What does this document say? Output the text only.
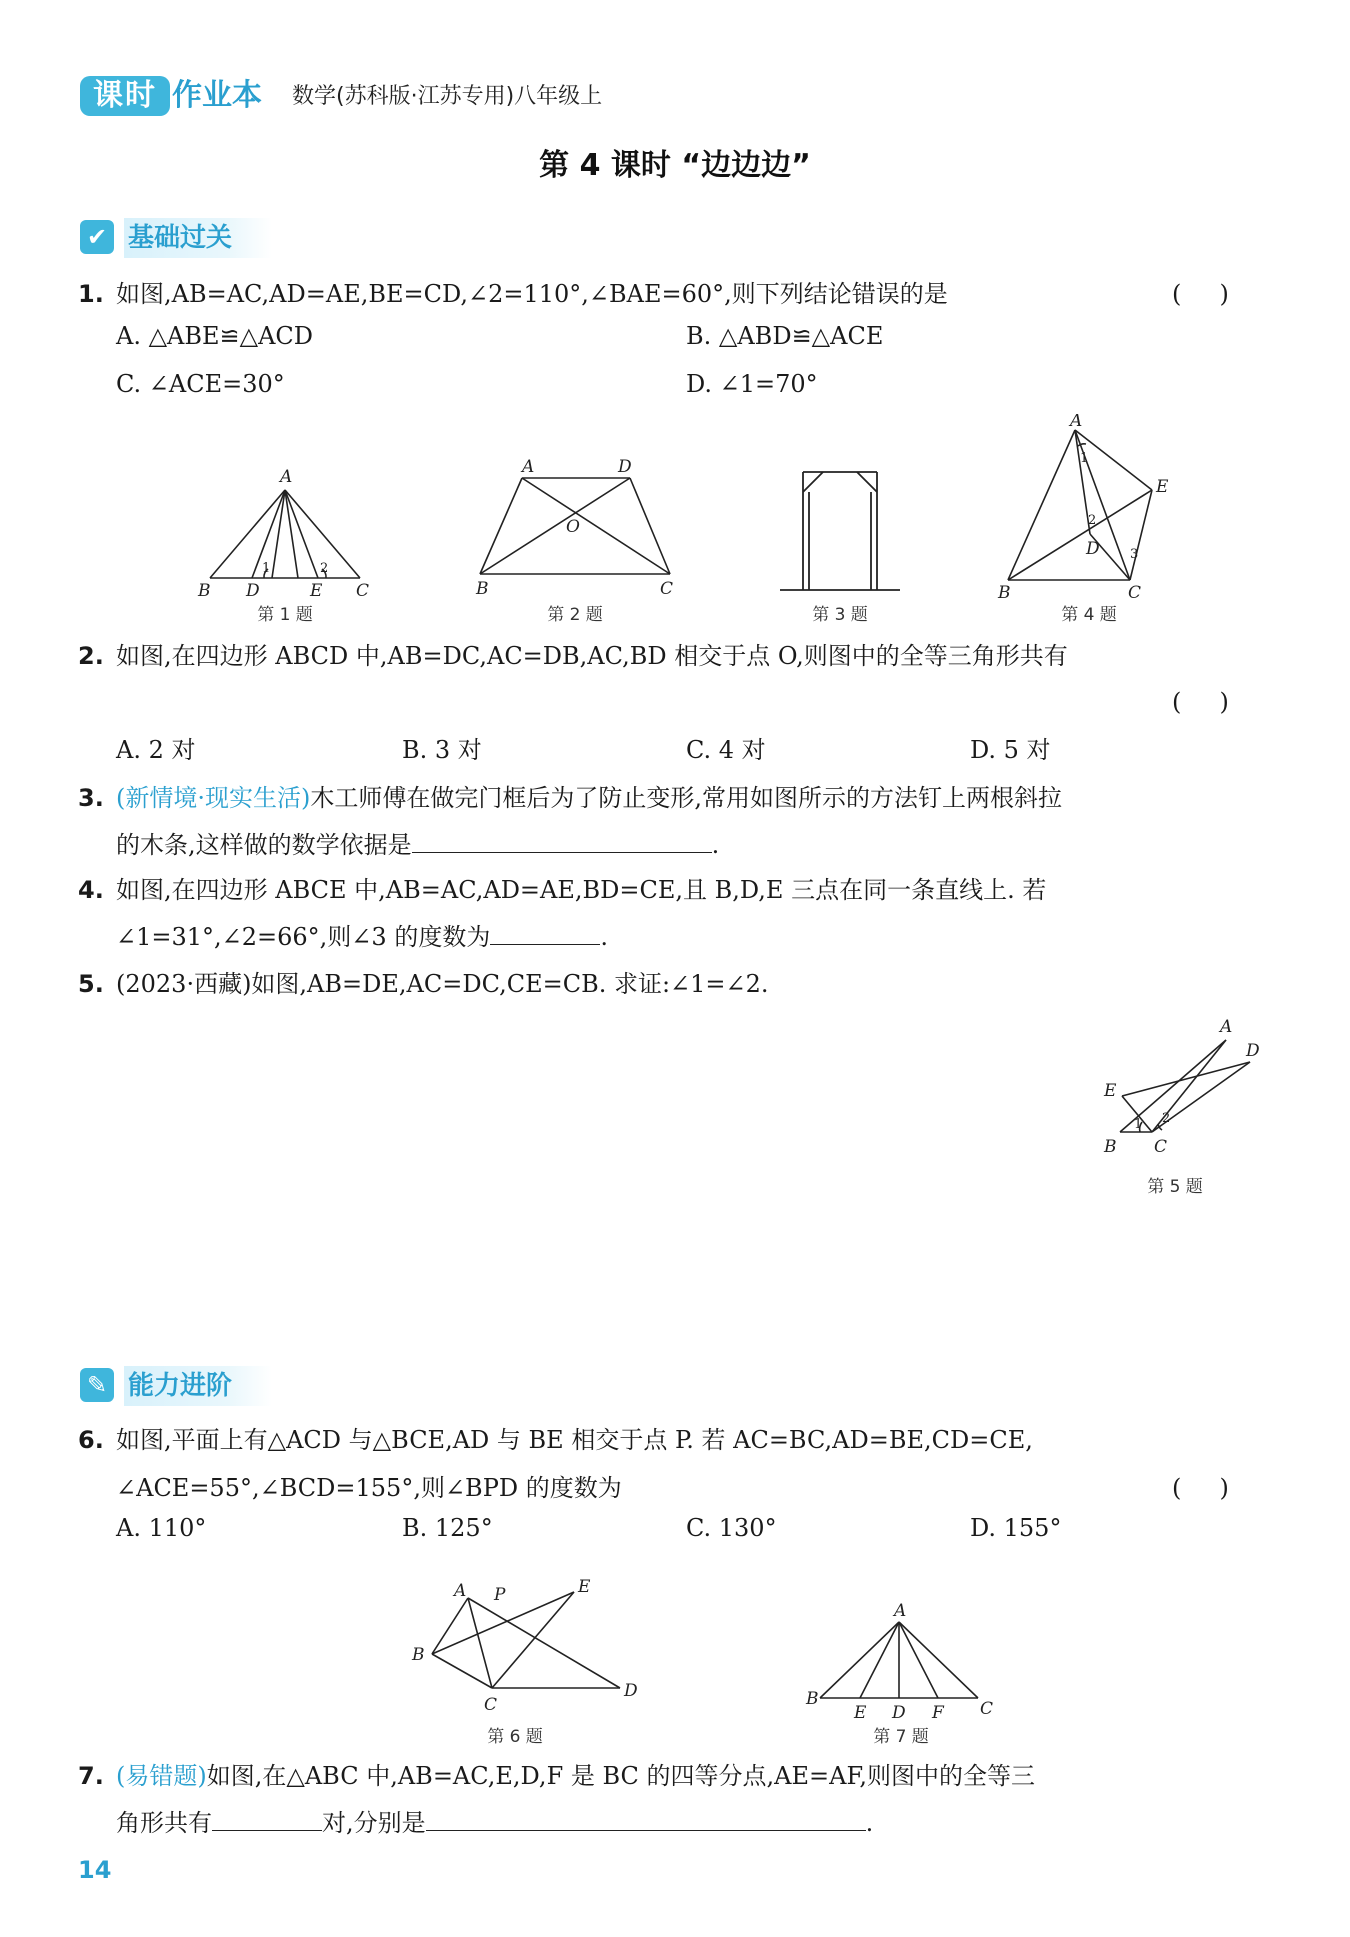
课时 作业本 数学(苏科版·江苏专用)八年级上
第 4 课时 “边边边”
✔ 基础过关
1. 如图,AB=AC,AD=AE,BE=CD,∠2=110°,∠BAE=60°,则下列结论错误的是	(     )
A. △ABE≌△ACD	B. △ABD≌△ACE
C. ∠ACE=30°	D. ∠1=70°
A
B D	E C
1	2
第 1 题
A	D
O
B	C
第 2 题	第 3 题
A
E
D
B	C
1
2
3
第 4 题
2. 如图,在四边形 ABCD 中,AB=DC,AC=DB,AC,BD 相交于点 O,则图中的全等三角形共有
(     )
A. 2 对	B. 3 对	C. 4 对	D. 5 对
3. (新情境·现实生活)木工师傅在做完门框后为了防止变形,常用如图所示的方法钉上两根斜拉
的木条,这样做的数学依据是	.
4. 如图,在四边形 ABCE 中,AB=AC,AD=AE,BD=CE,且 B,D,E 三点在同一条直线上. 若
∠1=31°,∠2=66°,则∠3 的度数为	.
5. (2023·西藏)如图,AB=DE,AC=DC,CE=CB. 求证:∠1=∠2.
A
D
E
B C
1 2
第 5 题
✎ 能力进阶
6. 如图,平面上有△ACD 与△BCE,AD 与 BE 相交于点 P. 若 AC=BC,AD=BE,CD=CE,
∠ACE=55°,∠BCD=155°,则∠BPD 的度数为	(     )
A. 110°	B. 125°	C. 130°	D. 155°
A P	E
B
C
D
第 6 题
A
B
E D F C
第 7 题
7. (易错题)如图,在△ABC 中,AB=AC,E,D,F 是 BC 的四等分点,AE=AF,则图中的全等三
角形共有	对,分别是	.
14
